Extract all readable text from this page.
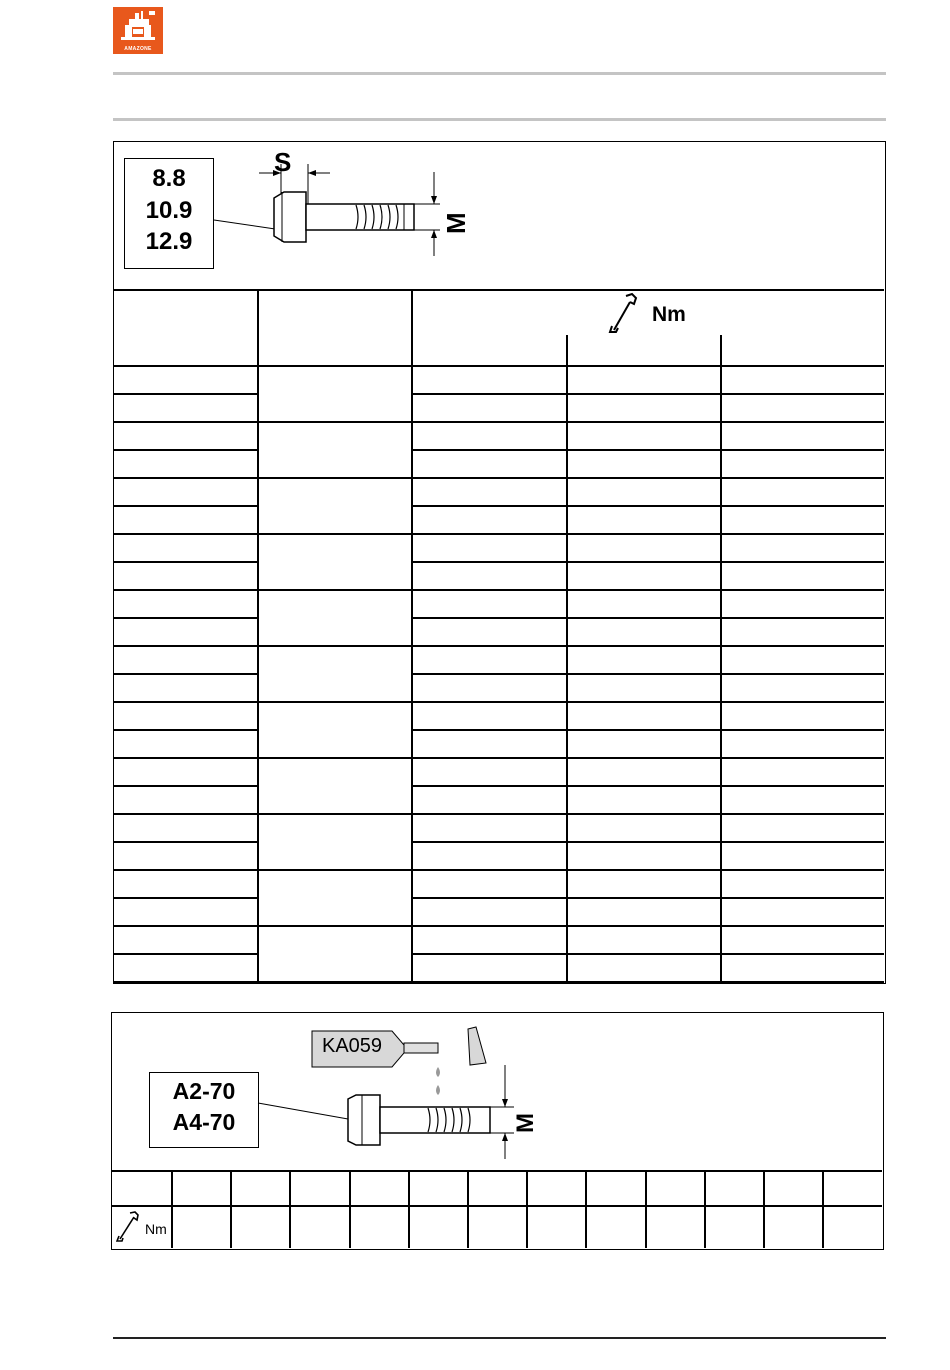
AMAZONE
8.8
10.9
12.9
S
M
Nm
KA059
A2-70
A4-70	M
Nm
